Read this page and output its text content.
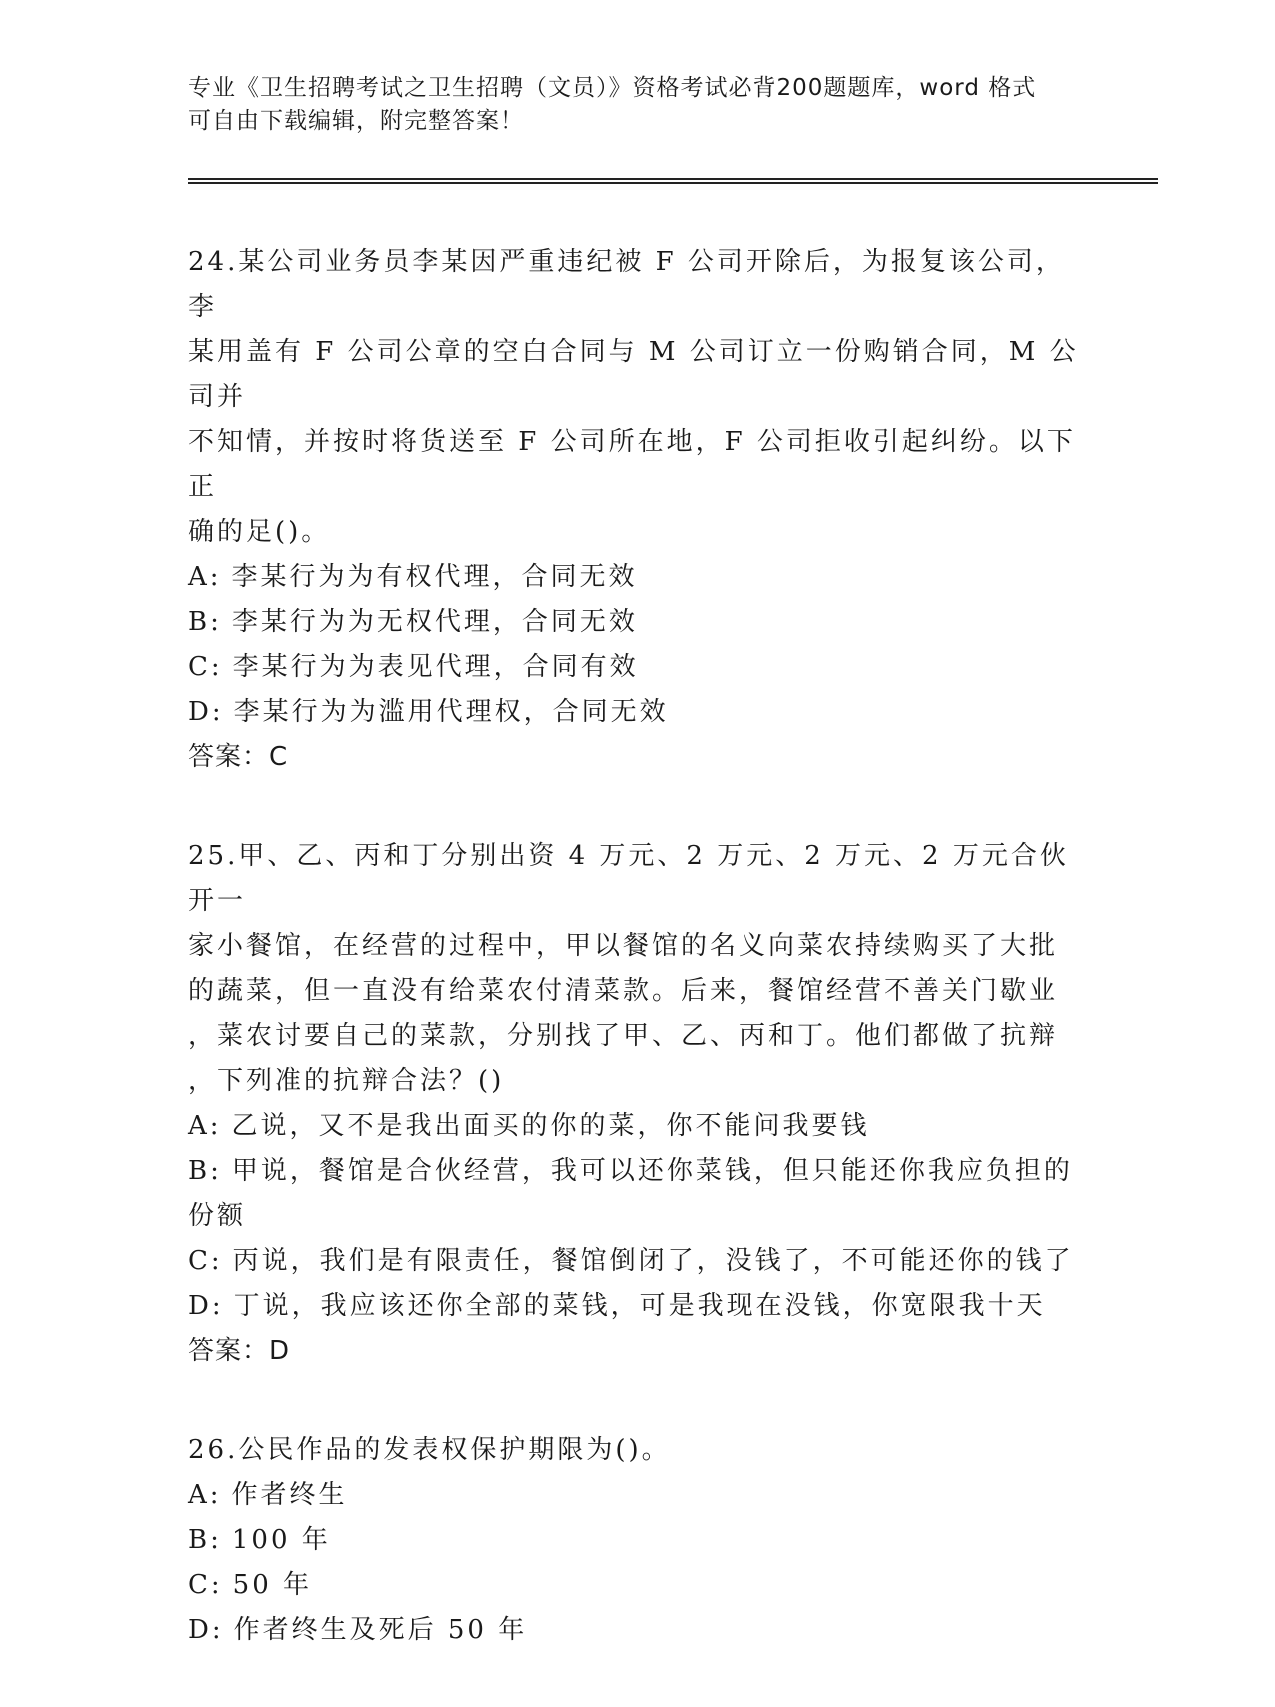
专业《卫生招聘考试之卫生招聘（文员）》资格考试必背200题题库，word 格式
可自由下载编辑，附完整答案！

24.某公司业务员李某因严重违纪被 F 公司开除后，为报复该公司，李

某用盖有 F 公司公章的空白合同与 M 公司订立一份购销合同，M 公司并

不知情，并按时将货送至 F 公司所在地，F 公司拒收引起纠纷。以下正

确的足()。

A: 李某行为为有权代理，合同无效

B: 李某行为为无权代理，合同无效

C: 李某行为为表见代理，合同有效

D: 李某行为为滥用代理权，合同无效

答案：C

25.甲、乙、丙和丁分别出资 4 万元、2 万元、2 万元、2 万元合伙开一

家小餐馆，在经营的过程中，甲以餐馆的名义向菜农持续购买了大批

的蔬菜，但一直没有给菜农付清菜款。后来，餐馆经营不善关门歇业

，菜农讨要自己的菜款，分别找了甲、乙、丙和丁。他们都做了抗辩

，下列准的抗辩合法？()

A: 乙说，又不是我出面买的你的菜，你不能问我要钱

B: 甲说，餐馆是合伙经营，我可以还你菜钱，但只能还你我应负担的

份额

C: 丙说，我们是有限责任，餐馆倒闭了，没钱了，不可能还你的钱了

D: 丁说，我应该还你全部的菜钱，可是我现在没钱，你宽限我十天

答案：D

26.公民作品的发表权保护期限为()。

A: 作者终生

B: 100 年

C: 50 年

D: 作者终生及死后 50 年
